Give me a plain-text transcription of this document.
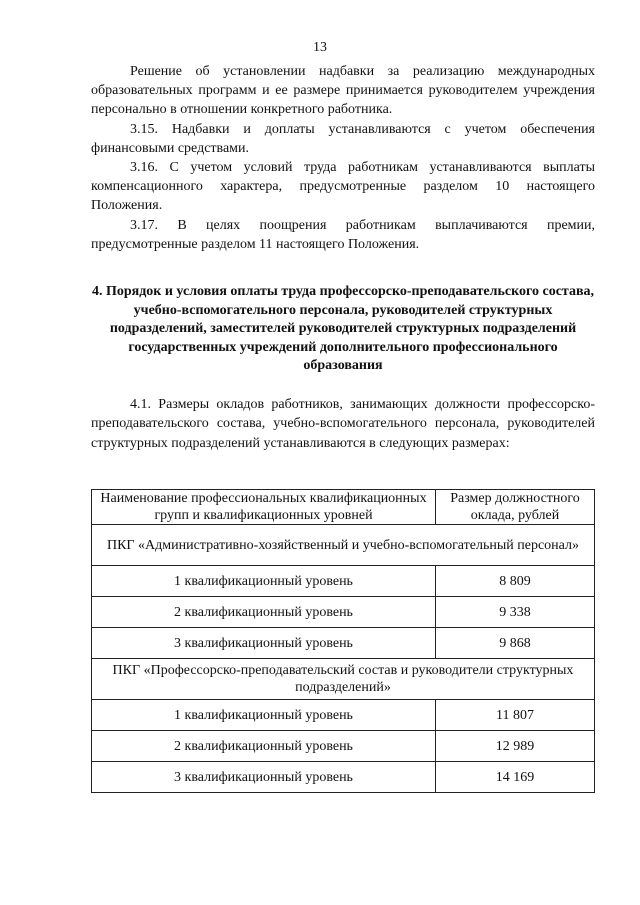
13

Решение об установлении надбавки за реализацию международных образовательных программ и ее размере принимается руководителем учреждения персонально в отношении конкретного работника.

3.15. Надбавки и доплаты устанавливаются с учетом обеспечения финансовыми средствами.

3.16. С учетом условий труда работникам устанавливаются выплаты компенсационного характера, предусмотренные разделом 10 настоящего Положения.

3.17. В целях поощрения работникам выплачиваются премии, предусмотренные разделом 11 настоящего Положения.

4. Порядок и условия оплаты труда профессорско-преподавательского состава, учебно-вспомогательного персонала, руководителей структурных подразделений, заместителей руководителей структурных подразделений государственных учреждений дополнительного профессионального образования

4.1. Размеры окладов работников, занимающих должности профессорско-преподавательского состава, учебно-вспомогательного персонала, руководителей структурных подразделений устанавливаются в следующих размерах:

Наименование профессиональных квалификационных групп и квалификационных уровней	Размер должностного оклада, рублей
ПКГ «Административно-хозяйственный и учебно-вспомогательный персонал»	
1 квалификационный уровень	8 809
2 квалификационный уровень	9 338
3 квалификационный уровень	9 868
ПКГ «Профессорско-преподавательский состав и руководители структурных подразделений»	
1 квалификационный уровень	11 807
2 квалификационный уровень	12 989
3 квалификационный уровень	14 169
